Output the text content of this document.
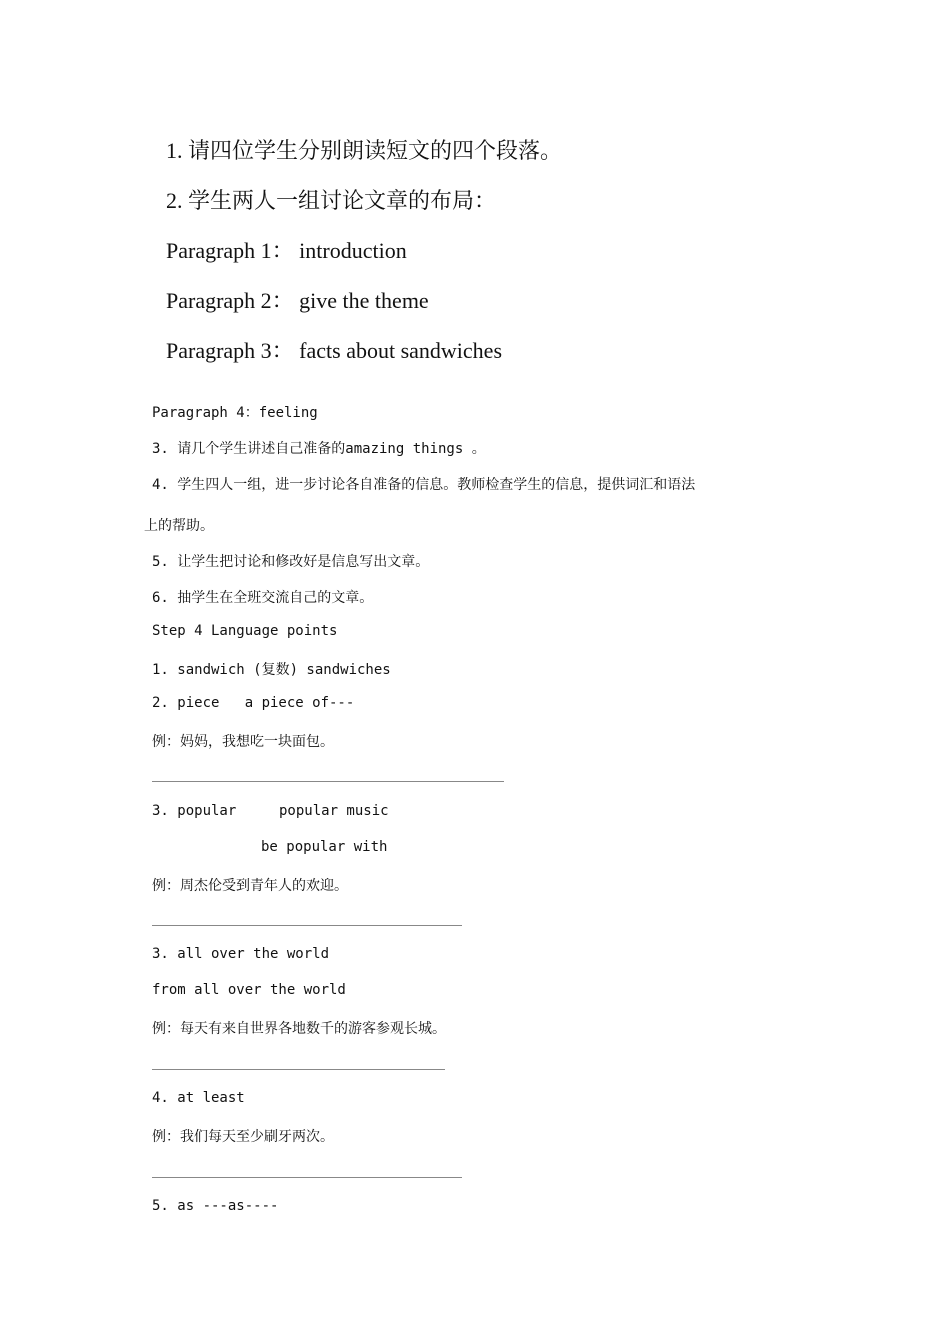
1. 请四位学生分别朗读短文的四个段落。
2. 学生两人一组讨论文章的布局：
Paragraph 1： introduction
Paragraph 2： give the theme
Paragraph 3： facts about sandwiches
Paragraph 4：feeling
3. 请几个学生讲述自己准备的amazing things 。
4. 学生四人一组，进一步讨论各自准备的信息。教师检查学生的信息，提供词汇和语法
上的帮助。
5. 让学生把讨论和修改好是信息写出文章。
6. 抽学生在全班交流自己的文章。
Step 4 Language points
1. sandwich (复数) sandwiches
2. piece   a piece of---
例：妈妈，我想吃一块面包。
3. popular	popular music
be popular with
例：周杰伦受到青年人的欢迎。
3. all over the world
from all over the world
例：每天有来自世界各地数千的游客参观长城。
4. at least
例：我们每天至少刷牙两次。
5. as ---as----
